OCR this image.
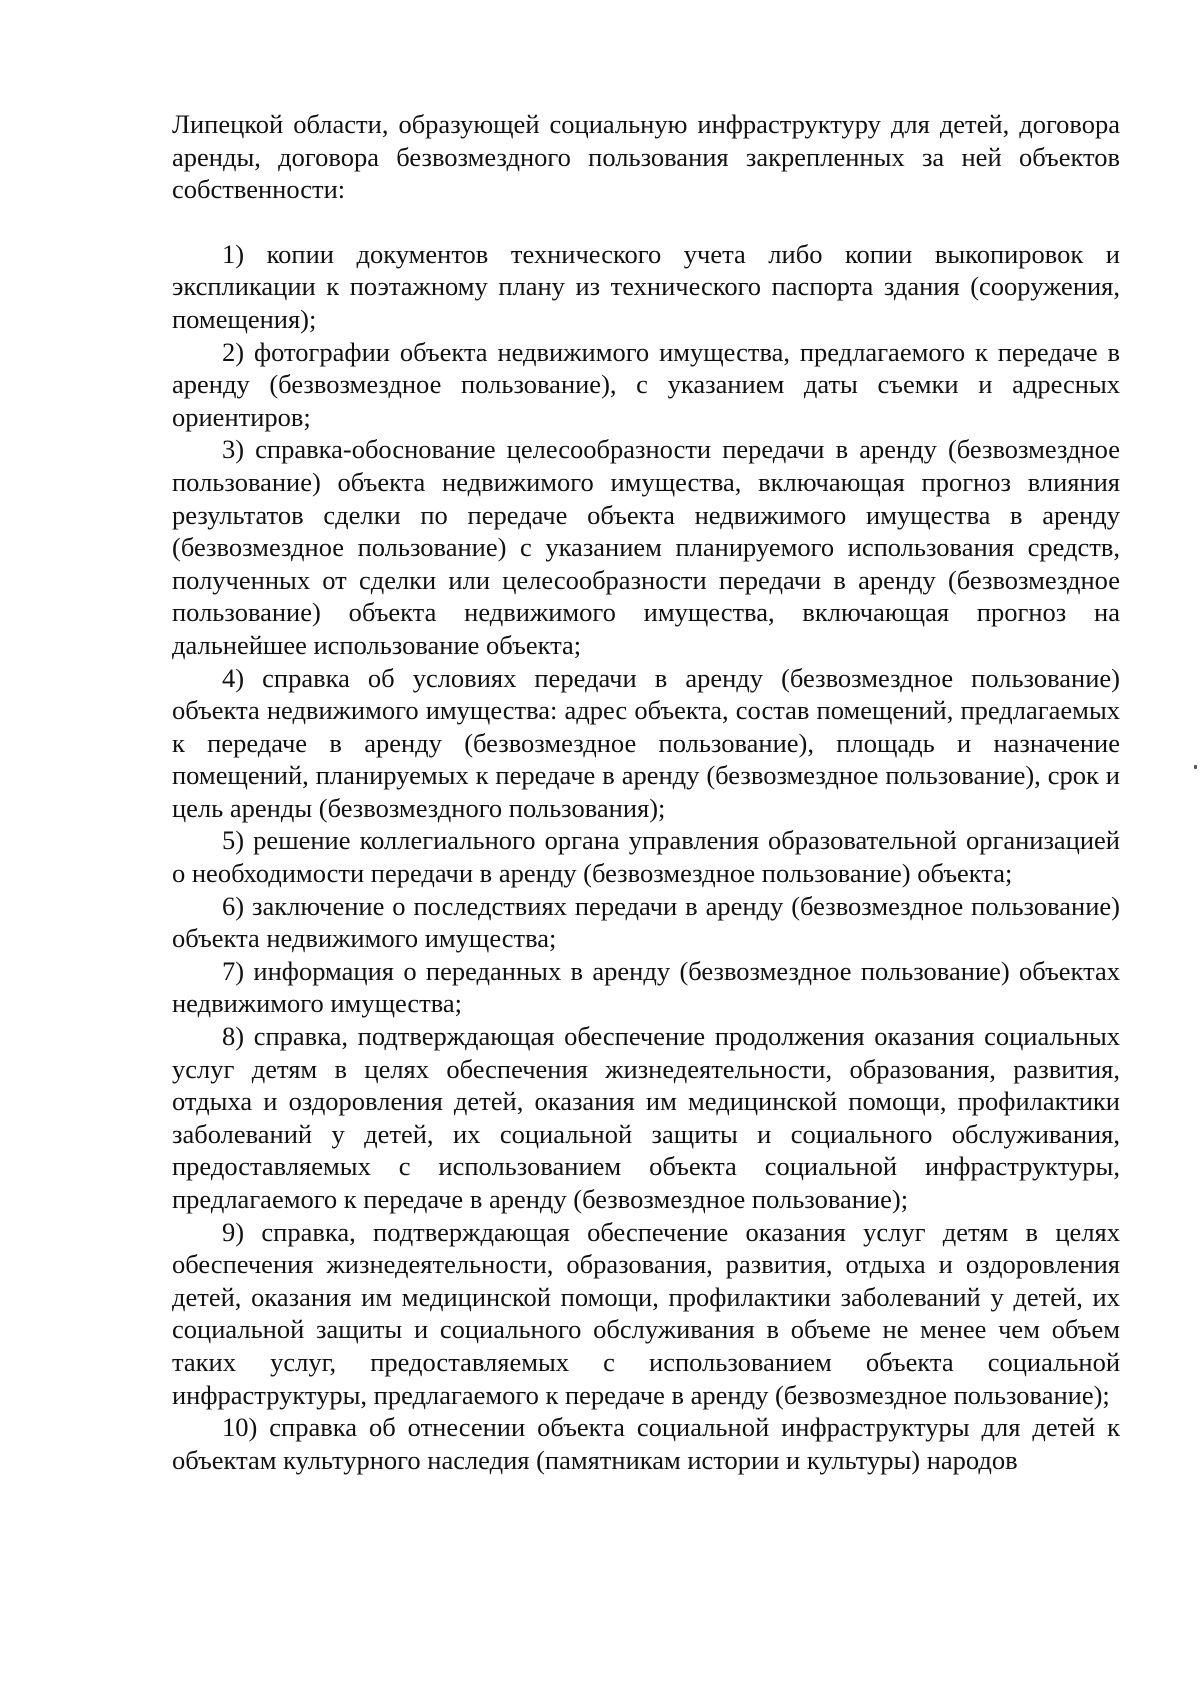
Липецкой области, образующей социальную инфраструктуру для детей, договора аренды, договора безвозмездного пользования закрепленных за ней объектов собственности:

1) копии документов технического учета либо копии выкопировок и экспликации к поэтажному плану из технического паспорта здания (сооружения, помещения);

2) фотографии объекта недвижимого имущества, предлагаемого к передаче в аренду (безвозмездное пользование), с указанием даты съемки и адресных ориентиров;

3) справка-обоснование целесообразности передачи в аренду (безвозмездное пользование) объекта недвижимого имущества, включающая прогноз влияния результатов сделки по передаче объекта недвижимого имущества в аренду (безвозмездное пользование) с указанием планируемого использования средств, полученных от сделки или целесообразности передачи в аренду (безвозмездное пользование) объекта недвижимого имущества, включающая прогноз на дальнейшее использование объекта;

4) справка об условиях передачи в аренду (безвозмездное пользование) объекта недвижимого имущества: адрес объекта, состав помещений, предлагаемых к передаче в аренду (безвозмездное пользование), площадь и назначение помещений, планируемых к передаче в аренду (безвозмездное пользование), срок и цель аренды (безвозмездного пользования);

5) решение коллегиального органа управления образовательной организацией о необходимости передачи в аренду (безвозмездное пользование) объекта;

6) заключение о последствиях передачи в аренду (безвозмездное пользование) объекта недвижимого имущества;

7) информация о переданных в аренду (безвозмездное пользование) объектах недвижимого имущества;

8) справка, подтверждающая обеспечение продолжения оказания социальных услуг детям в целях обеспечения жизнедеятельности, образования, развития, отдыха и оздоровления детей, оказания им медицинской помощи, профилактики заболеваний у детей, их социальной защиты и социального обслуживания, предоставляемых с использованием объекта социальной инфраструктуры, предлагаемого к передаче в аренду (безвозмездное пользование);

9) справка, подтверждающая обеспечение оказания услуг детям в целях обеспечения жизнедеятельности, образования, развития, отдыха и оздоровления детей, оказания им медицинской помощи, профилактики заболеваний у детей, их социальной защиты и социального обслуживания в объеме не менее чем объем таких услуг, предоставляемых с использованием объекта социальной инфраструктуры, предлагаемого к передаче в аренду (безвозмездное пользование);

10) справка об отнесении объекта социальной инфраструктуры для детей к объектам культурного наследия (памятникам истории и культуры) народов
